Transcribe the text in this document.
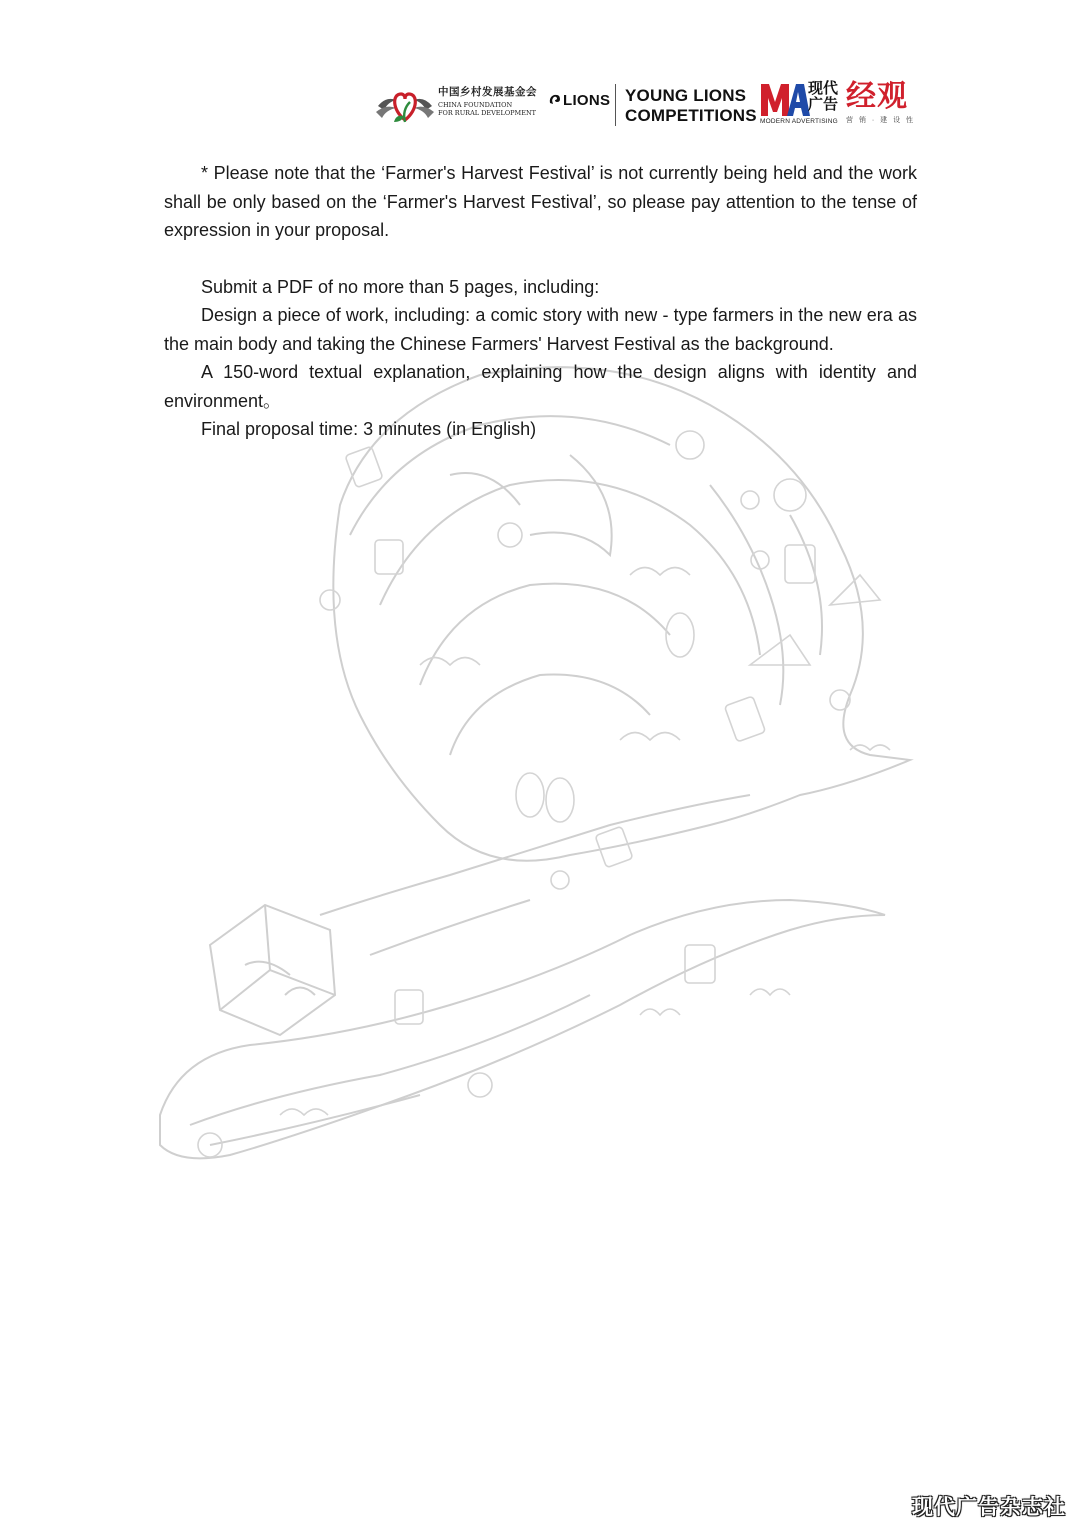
中国乡村发展基金会
CHINA FOUNDATION
FOR RURAL DEVELOPMENT
LIONS YOUNG LIONS
COMPETITIONS
现代广告
MODERN ADVERTISING
经观
营 销 · 建 设 性

* Please note that the ‘Farmer's Harvest Festival’ is not currently being held and the work shall be only based on the ‘Farmer's Harvest Festival’, so please pay attention to the tense of expression in your proposal.

Submit a PDF of no more than 5 pages, including:

Design a piece of work, including: a comic story with new - type farmers in the new era as the main body and taking the Chinese Farmers' Harvest Festival as the background.

A 150-word textual explanation, explaining how the design aligns with identity and environment。

Final proposal time: 3 minutes (in English)

现代广告杂志社
